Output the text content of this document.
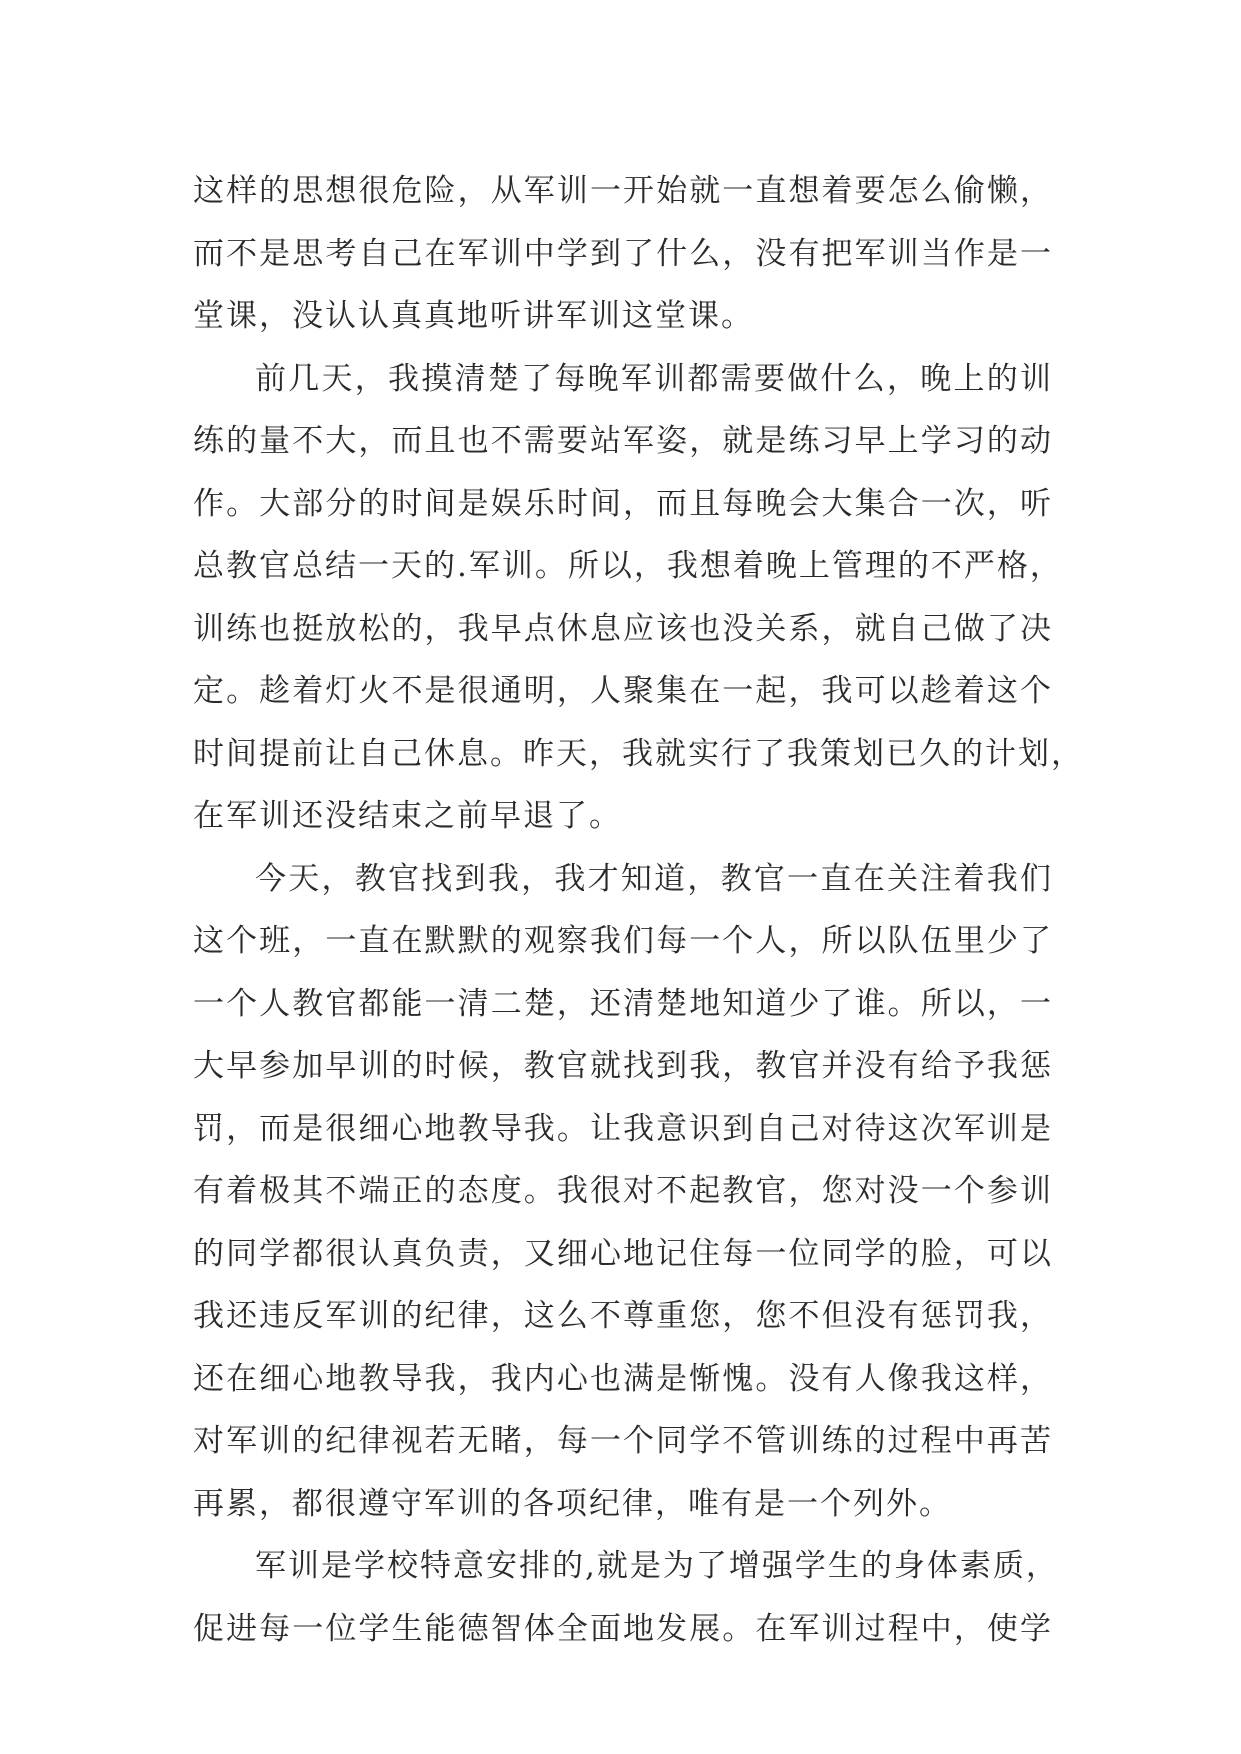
这样的思想很危险，从军训一开始就一直想着要怎么偷懒，
而不是思考自己在军训中学到了什么，没有把军训当作是一
堂课，没认认真真地听讲军训这堂课。
前几天，我摸清楚了每晚军训都需要做什么，晚上的训
练的量不大，而且也不需要站军姿，就是练习早上学习的动
作。大部分的时间是娱乐时间，而且每晚会大集合一次，听
总教官总结一天的.军训。所以，我想着晚上管理的不严格，
训练也挺放松的，我早点休息应该也没关系，就自己做了决
定。趁着灯火不是很通明，人聚集在一起，我可以趁着这个
时间提前让自己休息。昨天，我就实行了我策划已久的计划，
在军训还没结束之前早退了。
今天，教官找到我，我才知道，教官一直在关注着我们
这个班，一直在默默的观察我们每一个人，所以队伍里少了
一个人教官都能一清二楚，还清楚地知道少了谁。所以，一
大早参加早训的时候，教官就找到我，教官并没有给予我惩
罚，而是很细心地教导我。让我意识到自己对待这次军训是
有着极其不端正的态度。我很对不起教官，您对没一个参训
的同学都很认真负责，又细心地记住每一位同学的脸，可以
我还违反军训的纪律，这么不尊重您，您不但没有惩罚我，
还在细心地教导我，我内心也满是惭愧。没有人像我这样，
对军训的纪律视若无睹，每一个同学不管训练的过程中再苦
再累，都很遵守军训的各项纪律，唯有是一个列外。
军训是学校特意安排的,就是为了增强学生的身体素质，
促进每一位学生能德智体全面地发展。在军训过程中，使学
